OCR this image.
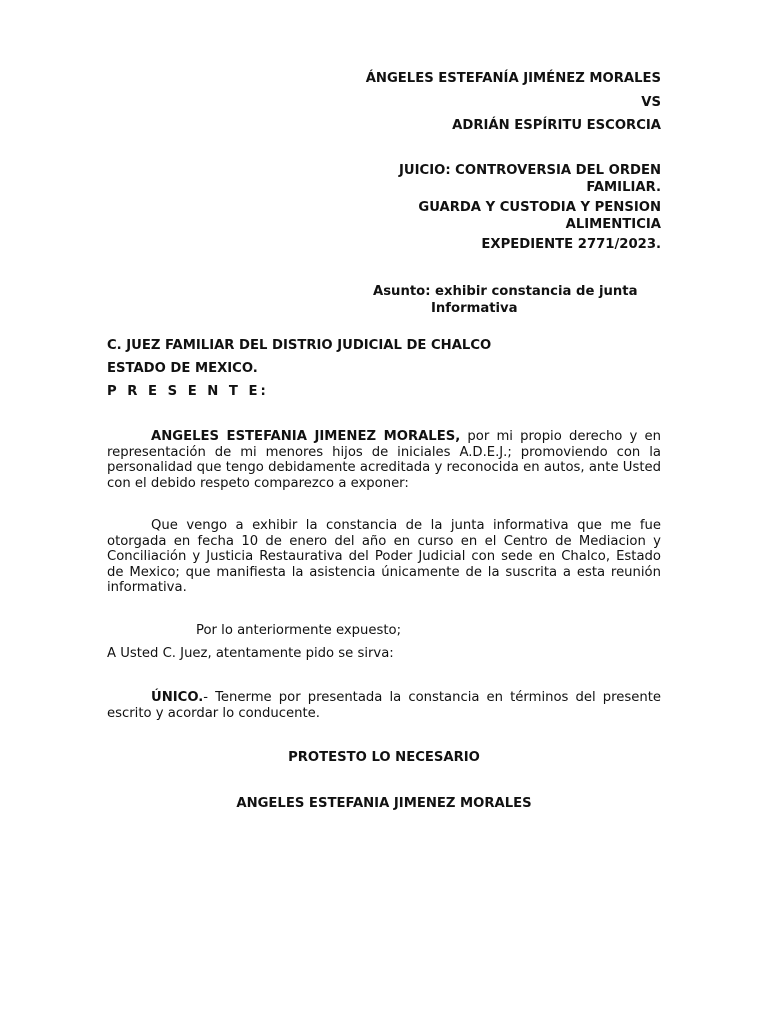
ÁNGELES ESTEFANÍA JIMÉNEZ MORALES
VS
ADRIÁN ESPÍRITU ESCORCIA
JUICIO: CONTROVERSIA DEL ORDEN
FAMILIAR.
GUARDA Y CUSTODIA Y PENSION
ALIMENTICIA
EXPEDIENTE 2771/2023.
Asunto: exhibir constancia de junta
Informativa
C. JUEZ FAMILIAR DEL DISTRIO JUDICIAL DE CHALCO
ESTADO DE MEXICO.
P R E S E N T E:
ANGELES ESTEFANIA JIMENEZ MORALES, por mi propio derecho y en representación de mi menores hijos de iniciales A.D.E.J.; promoviendo con la personalidad que tengo debidamente acreditada y reconocida en autos, ante Usted con el debido respeto comparezco a exponer:
Que vengo a exhibir la constancia de la junta informativa que me fue otorgada en fecha 10 de enero del año en curso en el Centro de Mediacion y Conciliación y Justicia Restaurativa del Poder Judicial con sede en Chalco, Estado de Mexico; que manifiesta la asistencia únicamente de la suscrita a esta reunión informativa.
Por lo anteriormente expuesto;
A Usted C. Juez, atentamente pido se sirva:
ÚNICO.- Tenerme por presentada la constancia en términos del presente escrito y acordar lo conducente.
PROTESTO LO NECESARIO
ANGELES ESTEFANIA JIMENEZ MORALES
